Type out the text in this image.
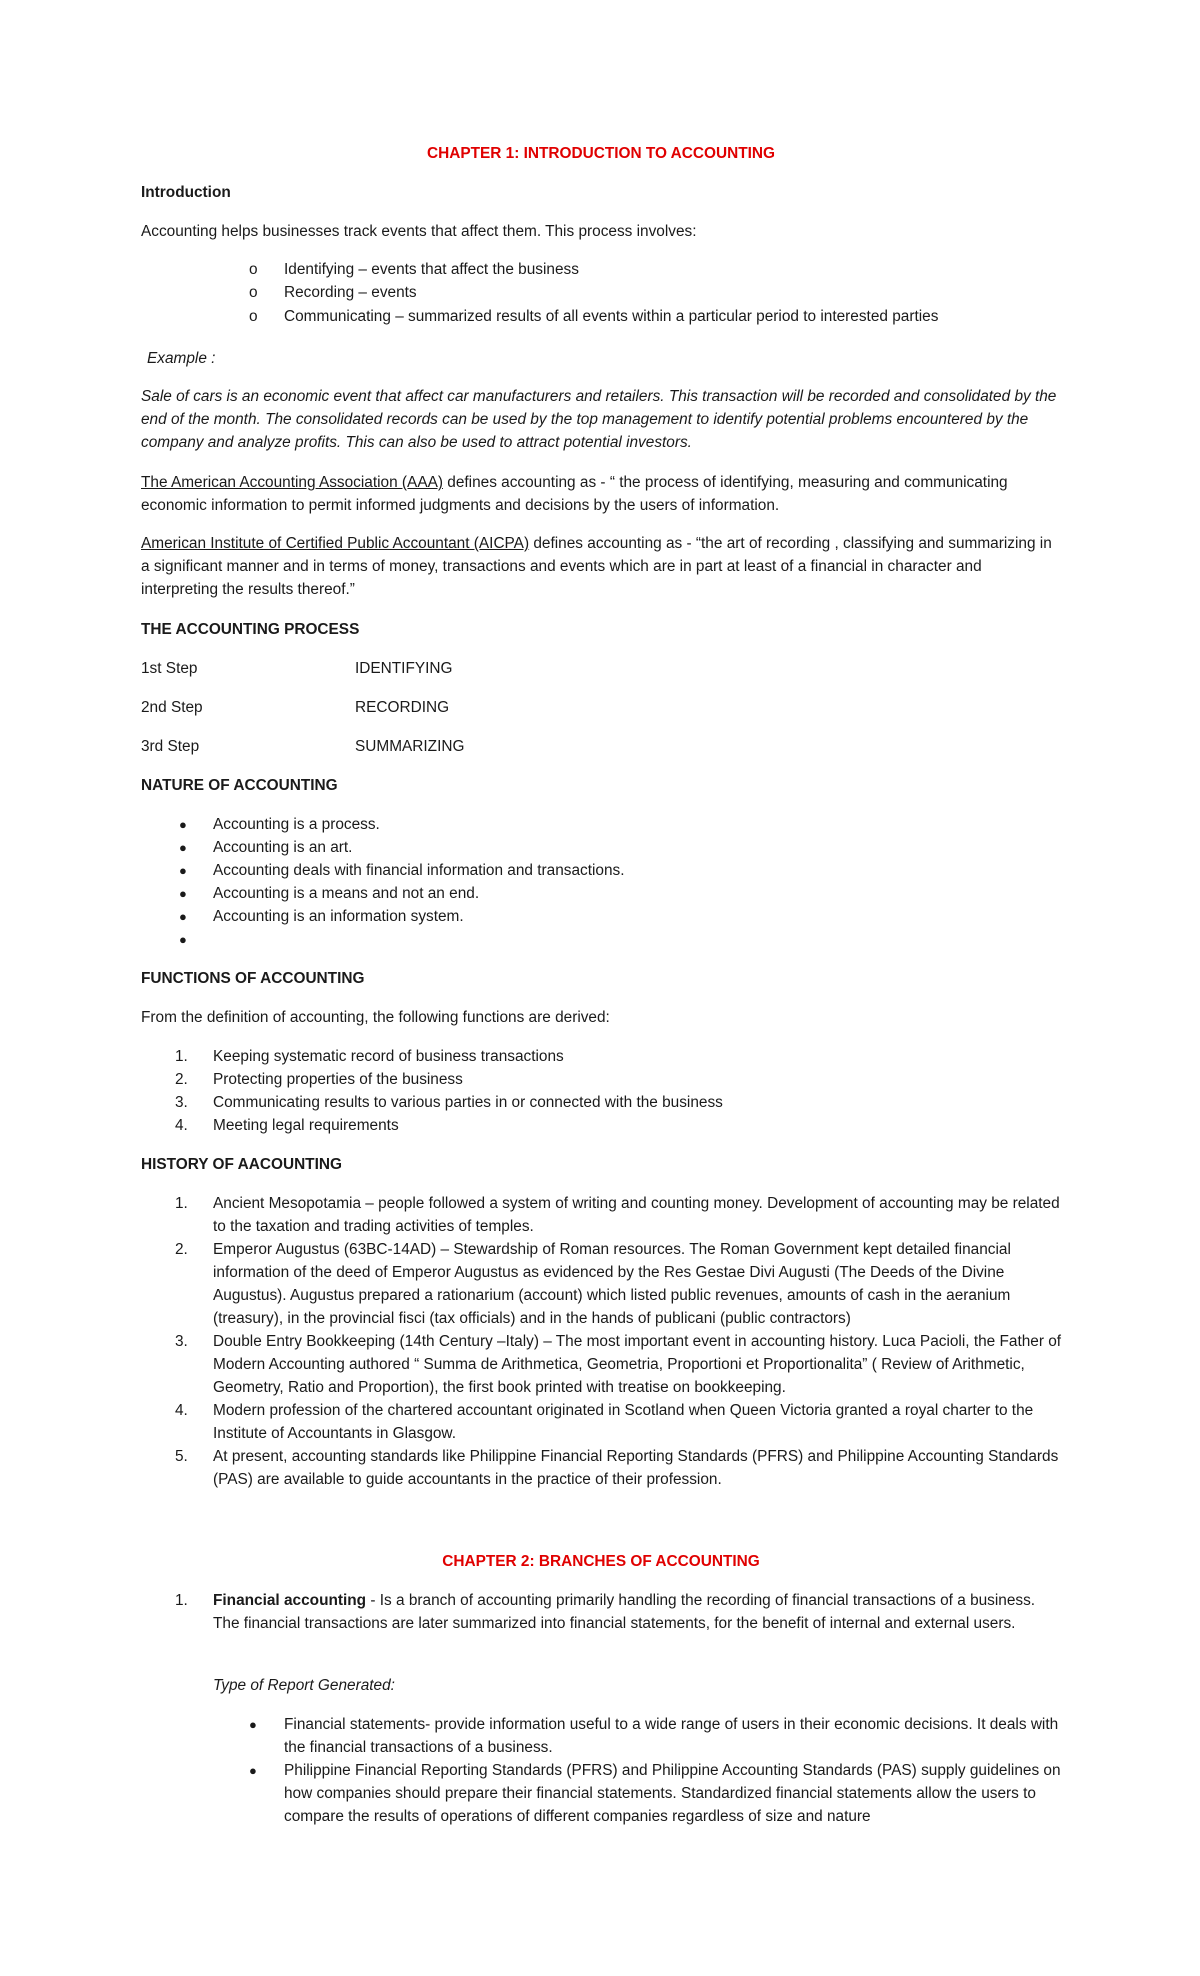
CHAPTER 1: INTRODUCTION TO ACCOUNTING
Introduction
Accounting helps businesses track events that affect them. This process involves:
o Identifying – events that affect the business
o Recording – events
o Communicating – summarized results of all events within a particular period to interested parties
Example :
Sale of cars is an economic event that affect car manufacturers and retailers. This transaction will be recorded and consolidated by the end of the month. The consolidated records can be used by the top management to identify potential problems encountered by the company and analyze profits. This can also be used to attract potential investors.
The American Accounting Association (AAA) defines accounting as - “ the process of identifying, measuring and communicating economic information to permit informed judgments and decisions by the users of information.
American Institute of Certified Public Accountant (AICPA) defines accounting as - “the art of recording , classifying and summarizing in a significant manner and in terms of money, transactions and events which are in part at least of a financial in character and interpreting the results thereof.”
THE ACCOUNTING PROCESS
1st Step	IDENTIFYING
2nd Step	RECORDING
3rd Step	SUMMARIZING
NATURE OF ACCOUNTING
● Accounting is a process.
● Accounting is an art.
● Accounting deals with financial information and transactions.
● Accounting is a means and not an end.
● Accounting is an information system.
●
FUNCTIONS OF ACCOUNTING
From the definition of accounting, the following functions are derived:
1. Keeping systematic record of business transactions
2. Protecting properties of the business
3. Communicating results to various parties in or connected with the business
4. Meeting legal requirements
HISTORY OF AACOUNTING
1. Ancient Mesopotamia – people followed a system of writing and counting money. Development of accounting may be related to the taxation and trading activities of temples.
2. Emperor Augustus (63BC-14AD) – Stewardship of Roman resources. The Roman Government kept detailed financial information of the deed of Emperor Augustus as evidenced by the Res Gestae Divi Augusti (The Deeds of the Divine Augustus). Augustus prepared a rationarium (account) which listed public revenues, amounts of cash in the aeranium (treasury), in the provincial fisci (tax officials) and in the hands of publicani (public contractors)
3. Double Entry Bookkeeping (14th Century –Italy) – The most important event in accounting history. Luca Pacioli, the Father of Modern Accounting authored “ Summa de Arithmetica, Geometria, Proportioni et Proportionalita” ( Review of Arithmetic, Geometry, Ratio and Proportion), the first book printed with treatise on bookkeeping.
4. Modern profession of the chartered accountant originated in Scotland when Queen Victoria granted a royal charter to the Institute of Accountants in Glasgow.
5. At present, accounting standards like Philippine Financial Reporting Standards (PFRS) and Philippine Accounting Standards (PAS) are available to guide accountants in the practice of their profession.
CHAPTER 2: BRANCHES OF ACCOUNTING
1. Financial accounting - Is a branch of accounting primarily handling the recording of financial transactions of a business. The financial transactions are later summarized into financial statements, for the benefit of internal and external users.
Type of Report Generated:
● Financial statements- provide information useful to a wide range of users in their economic decisions. It deals with the financial transactions of a business.
● Philippine Financial Reporting Standards (PFRS) and Philippine Accounting Standards (PAS) supply guidelines on how companies should prepare their financial statements. Standardized financial statements allow the users to compare the results of operations of different companies regardless of size and nature
